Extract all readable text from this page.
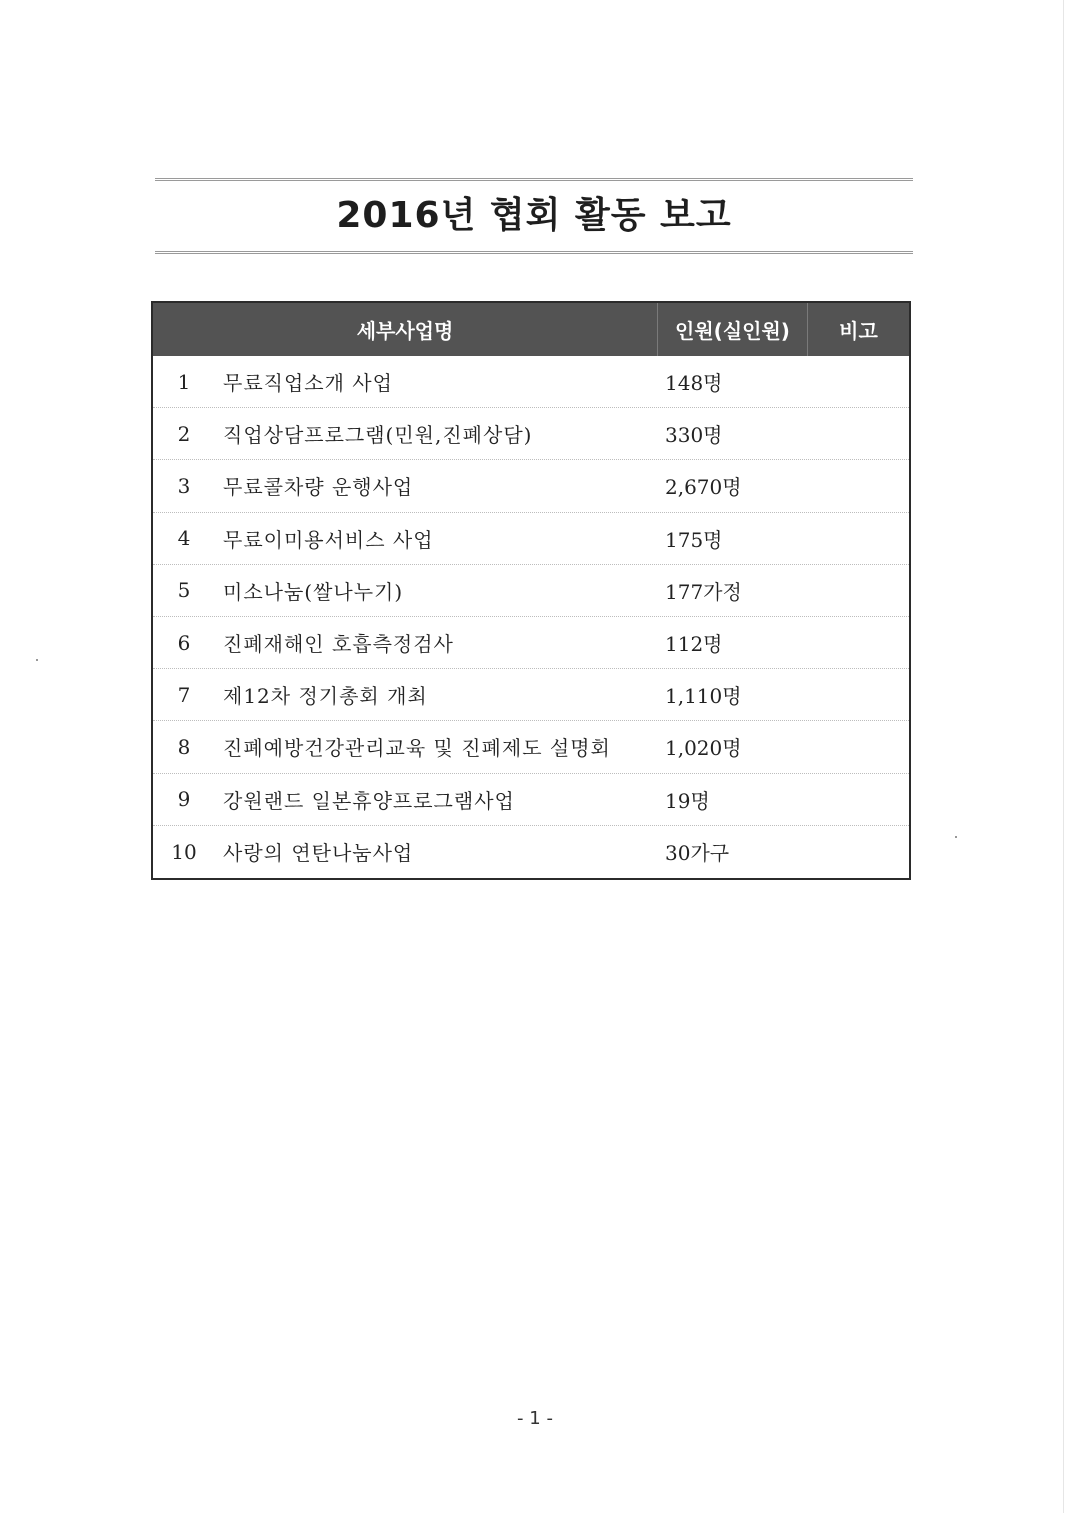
2016년 협회 활동 보고
세부사업명	인원(실인원)	비고
1	무료직업소개 사업	148명
2	직업상담프로그램(민원,진폐상담)	330명
3	무료콜차량 운행사업	2,670명
4	무료이미용서비스 사업	175명
5	미소나눔(쌀나누기)	177가정
6	진폐재해인 호흡측정검사	112명
7	제12차 정기총회 개최	1,110명
8	진폐예방건강관리교육 및 진폐제도 설명회	1,020명
9	강원랜드 일본휴양프로그램사업	19명
10	사랑의 연탄나눔사업	30가구
- 1 -
